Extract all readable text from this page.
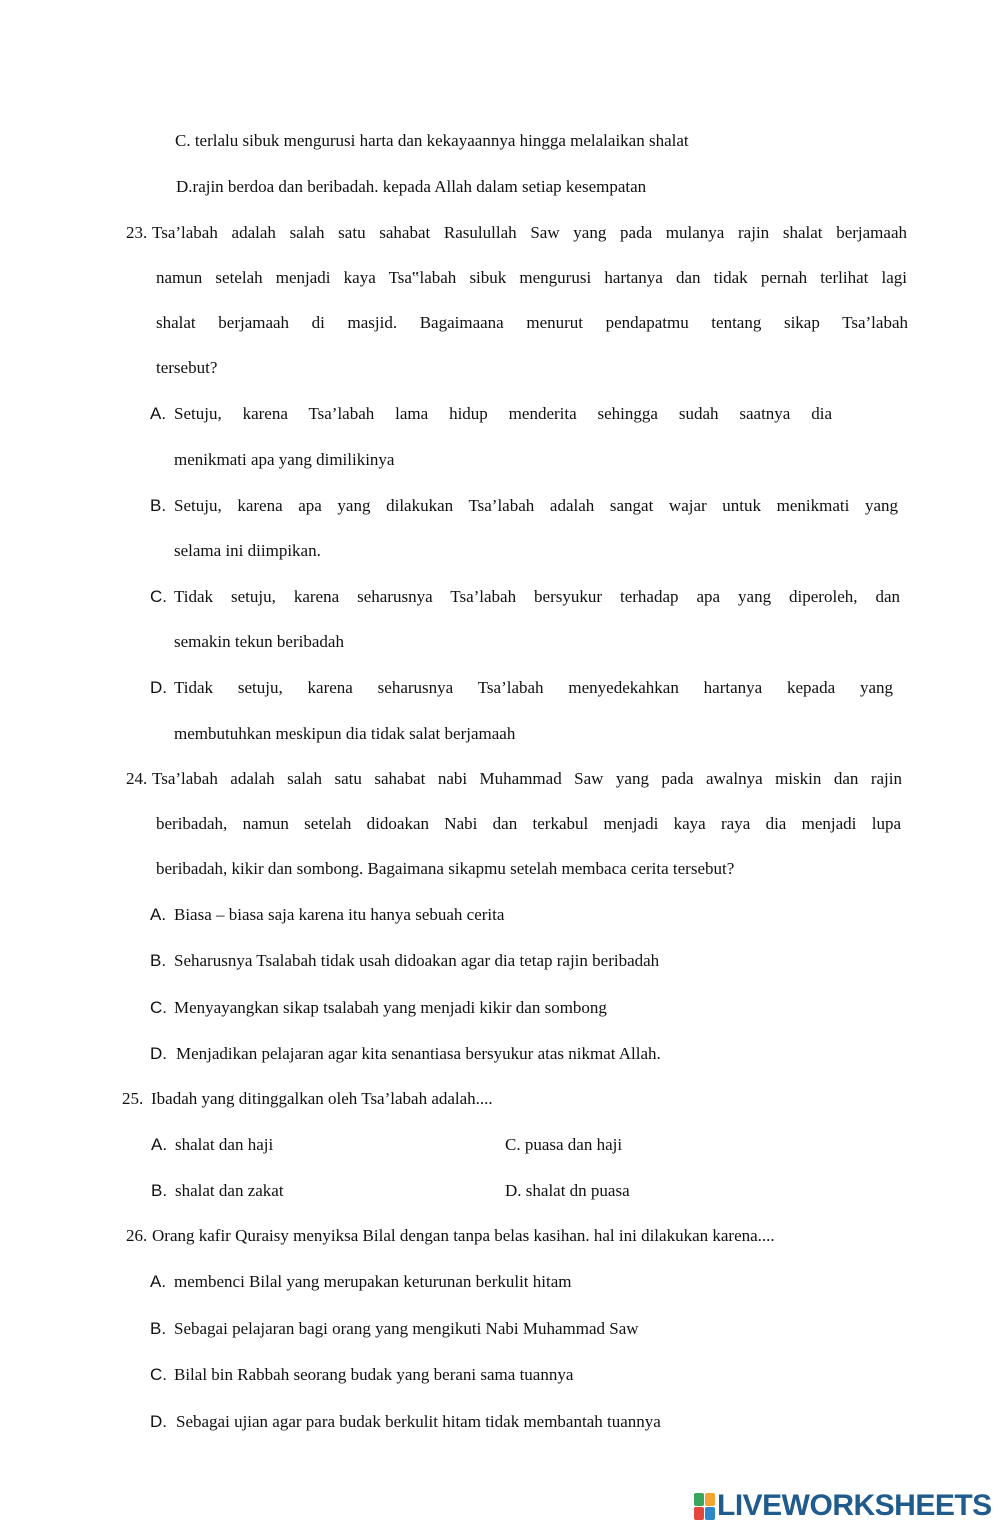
C. terlalu sibuk mengurusi harta dan kekayaannya hingga melalaikan shalat
D.rajin berdoa dan beribadah. kepada Allah dalam setiap kesempatan
23. Tsa’labah adalah salah satu sahabat Rasulullah Saw yang pada mulanya rajin shalat berjamaah
namun setelah menjadi kaya Tsa‟labah sibuk mengurusi hartanya dan tidak pernah terlihat lagi
shalat berjamaah di masjid. Bagaimaana menurut pendapatmu tentang sikap Tsa’labah
tersebut?
A. Setuju, karena Tsa’labah lama hidup menderita sehingga sudah saatnya dia
menikmati apa yang dimilikinya
B. Setuju, karena apa yang dilakukan Tsa’labah adalah sangat wajar untuk menikmati yang
selama ini diimpikan.
C. Tidak setuju, karena seharusnya Tsa’labah bersyukur terhadap apa yang diperoleh, dan
semakin tekun beribadah
D. Tidak setuju, karena seharusnya Tsa’labah menyedekahkan hartanya kepada yang
membutuhkan meskipun dia tidak salat berjamaah
24. Tsa’labah adalah salah satu sahabat nabi Muhammad Saw yang pada awalnya miskin dan rajin
beribadah, namun setelah didoakan Nabi dan terkabul menjadi kaya raya dia menjadi lupa
beribadah, kikir dan sombong. Bagaimana sikapmu setelah membaca cerita tersebut?
A. Biasa – biasa saja karena itu hanya sebuah cerita
B. Seharusnya Tsalabah tidak usah didoakan agar dia tetap rajin beribadah
C. Menyayangkan sikap tsalabah yang menjadi kikir dan sombong
D. Menjadikan pelajaran agar kita senantiasa bersyukur atas nikmat Allah.
25. Ibadah yang ditinggalkan oleh Tsa’labah adalah....
A. shalat dan haji	C. puasa dan haji
B. shalat dan zakat	D. shalat dn puasa
26. Orang kafir Quraisy menyiksa Bilal dengan tanpa belas kasihan. hal ini dilakukan karena....
A. membenci Bilal yang merupakan keturunan berkulit hitam
B. Sebagai pelajaran bagi orang yang mengikuti Nabi Muhammad Saw
C. Bilal bin Rabbah seorang budak yang berani sama tuannya
D. Sebagai ujian agar para budak berkulit hitam tidak membantah tuannya
LIVEWORKSHEETS
